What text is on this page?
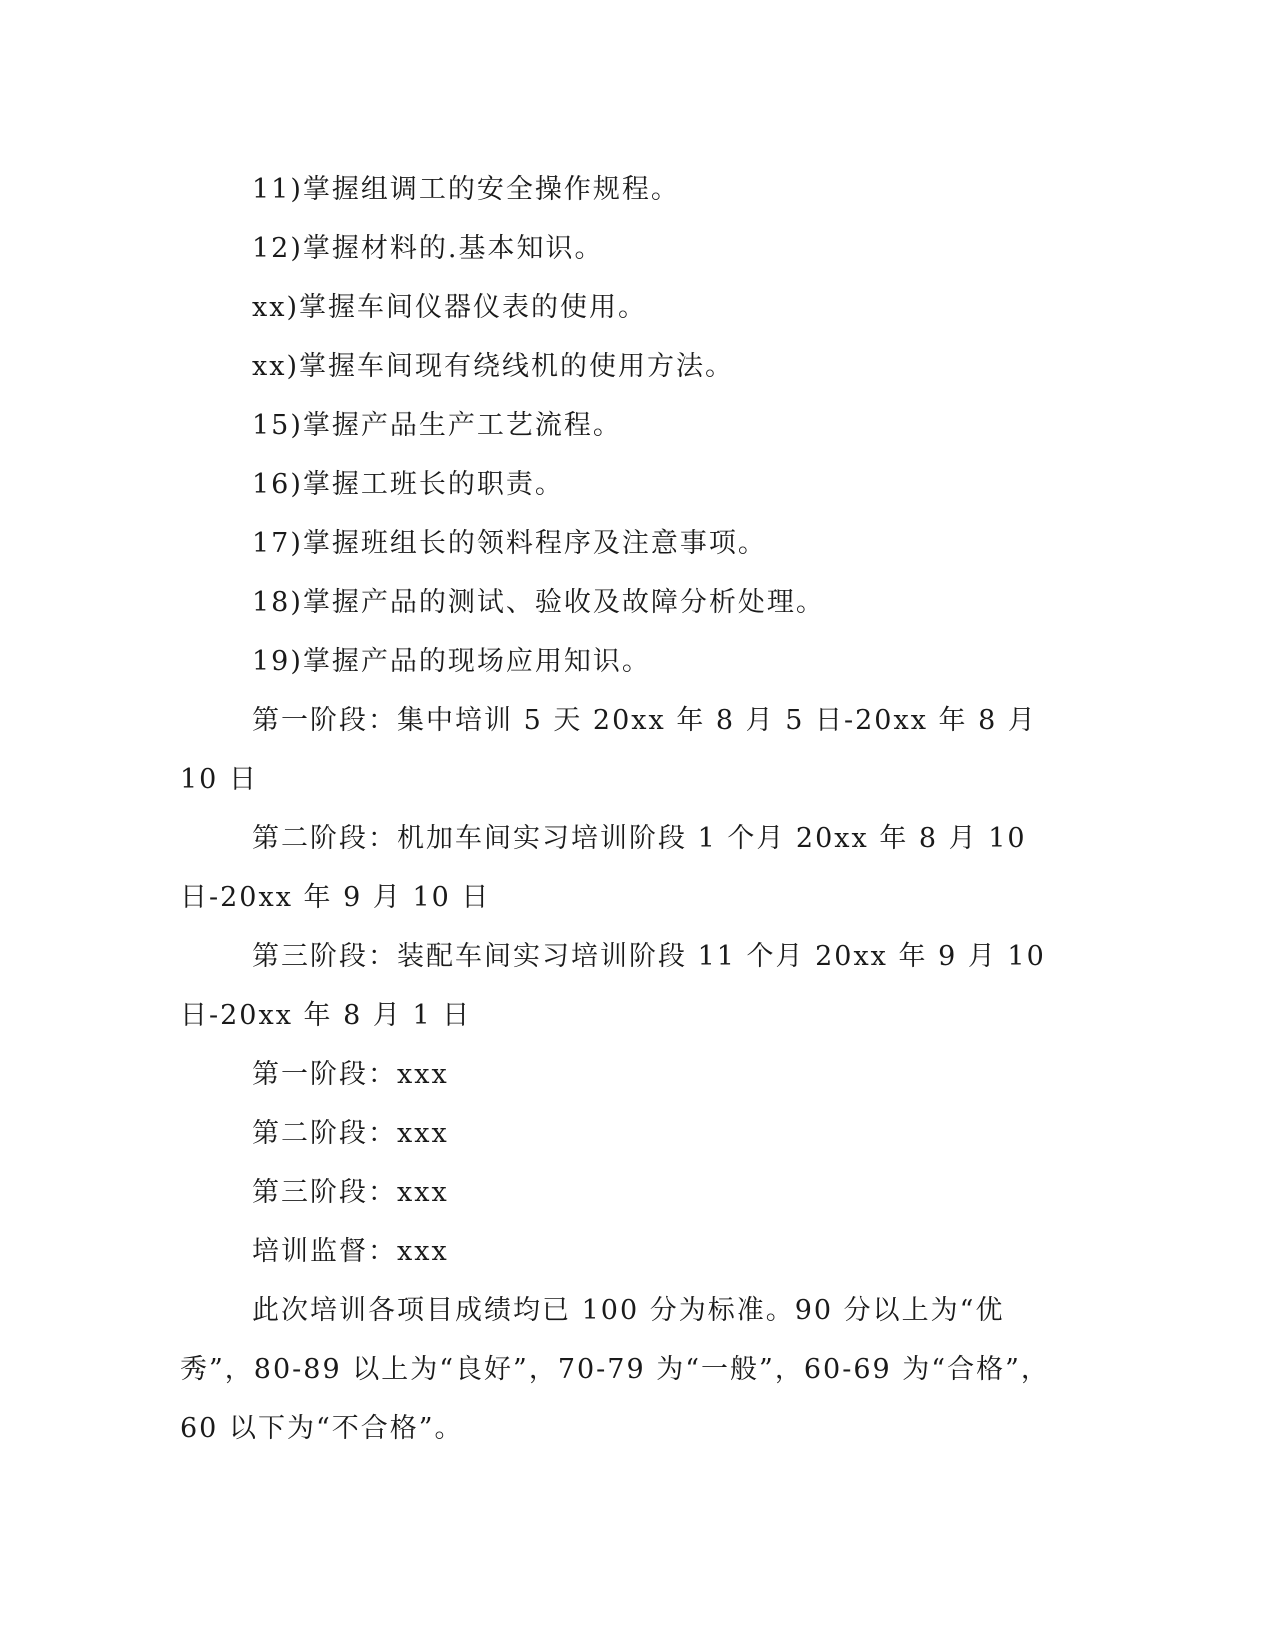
11)掌握组调工的安全操作规程。

12)掌握材料的.基本知识。

xx)掌握车间仪器仪表的使用。

xx)掌握车间现有绕线机的使用方法。

15)掌握产品生产工艺流程。

16)掌握工班长的职责。

17)掌握班组长的领料程序及注意事项。

18)掌握产品的测试、验收及故障分析处理。

19)掌握产品的现场应用知识。

第一阶段：集中培训 5 天 20xx 年 8 月 5 日-20xx 年 8 月 10 日

第二阶段：机加车间实习培训阶段 1 个月 20xx 年 8 月 10 日-20xx 年 9 月 10 日

第三阶段：装配车间实习培训阶段 11 个月 20xx 年 9 月 10 日-20xx 年 8 月 1 日

第一阶段：xxx

第二阶段：xxx

第三阶段：xxx

培训监督：xxx

此次培训各项目成绩均已 100 分为标准。90 分以上为“优秀”，80-89 以上为“良好”，70-79 为“一般”，60-69 为“合格”，60 以下为“不合格”。
